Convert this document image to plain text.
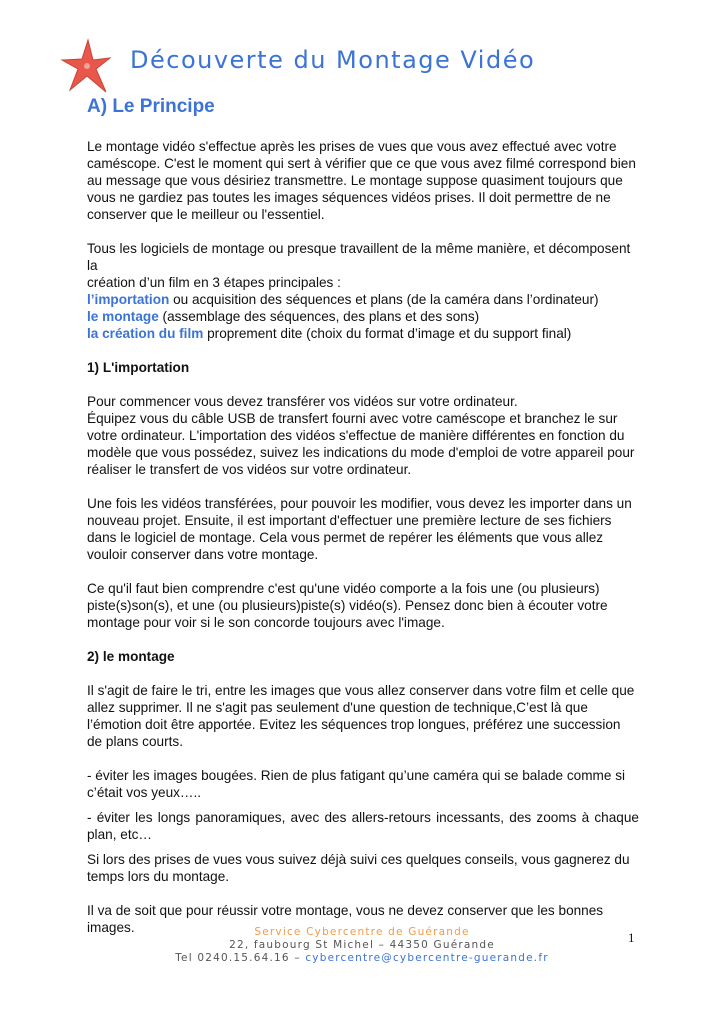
Découverte du Montage Vidéo

A) Le Principe

Le montage vidéo s'effectue après les prises de vues que vous avez effectué avec votre caméscope. C'est le moment qui sert à vérifier que ce que vous avez filmé correspond bien au message que vous désiriez transmettre. Le montage suppose quasiment toujours que vous ne gardiez pas toutes les images séquences vidéos prises. Il doit permettre de ne conserver que le meilleur ou l'essentiel.

Tous les logiciels de montage ou presque travaillent de la même manière, et décomposent la

création d’un film en 3 étapes principales :

l’importation ou acquisition des séquences et plans (de la caméra dans l’ordinateur)

le montage (assemblage des séquences, des plans et des sons)

la création du film proprement dite (choix du format d’image et du support final)

1) L'importation

Pour commencer vous devez transférer vos vidéos sur votre ordinateur.

Équipez vous du câble USB de transfert fourni avec votre caméscope et branchez le sur votre ordinateur. L'importation des vidéos s'effectue de manière différentes en fonction du modèle que vous possédez, suivez les indications du mode d'emploi de votre appareil pour réaliser le transfert de vos vidéos sur votre ordinateur.

Une fois les vidéos transférées, pour pouvoir les modifier, vous devez les importer dans un nouveau projet. Ensuite, il est important d'effectuer une première lecture de ses fichiers dans le logiciel de montage. Cela vous permet de repérer les éléments que vous allez vouloir conserver dans votre montage.

Ce qu'il faut bien comprendre c'est qu'une vidéo comporte a la fois une (ou plusieurs) piste(s)son(s), et une (ou plusieurs)piste(s) vidéo(s). Pensez donc bien à écouter votre montage pour voir si le son concorde toujours avec l'image.

2) le montage

Il s'agit de faire le tri, entre les images que vous allez conserver dans votre film et celle que allez supprimer. Il ne s'agit pas seulement d'une question de technique,C’est là que l’émotion doit être apportée. Evitez les séquences trop longues, préférez une succession de plans courts.

- éviter les images bougées. Rien de plus fatigant qu’une caméra qui se balade comme si c’était vos yeux…..

- éviter les longs panoramiques, avec des allers-retours incessants, des zooms à chaque plan, etc…

Si lors des prises de vues vous suivez déjà suivi ces quelques conseils, vous gagnerez du temps lors du montage.

Il va de soit que pour réussir votre montage, vous ne devez conserver que les bonnes images.	Service Cybercentre de Guérande
22, faubourg St Michel – 44350 Guérande
Tel 0240.15.64.16 – cybercentre@cybercentre-guerande.fr
1
